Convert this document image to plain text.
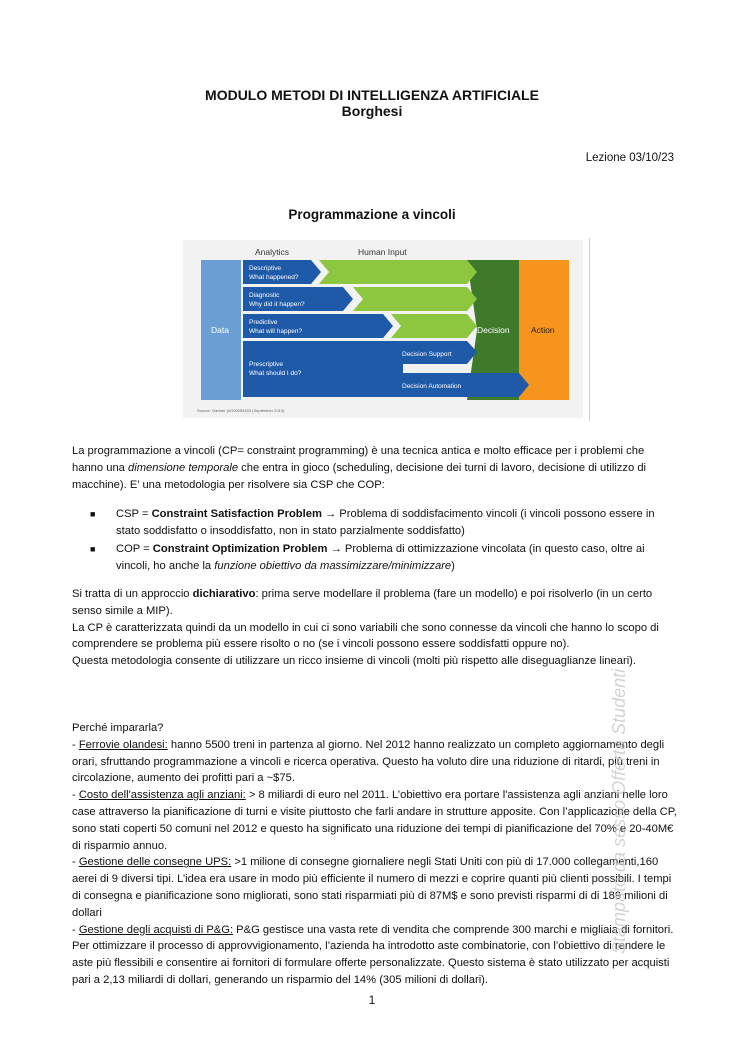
MODULO METODI DI INTELLIGENZA ARTIFICIALE
Borghesi
Lezione 03/10/23
Programmazione a vincoli
Analytics	Human Input
Data	Action
Decision
Descriptive
What happened?
Diagnostic
Why did it happen?
Predictive
What will happen?
Prescriptive
What should I do?
Decision Support
Decision Automation
Source: Gartner (#G00259453 (September 2013)
La programmazione a vincoli (CP= constraint programming) è una tecnica antica e molto efficace per i problemi che hanno una dimensione temporale che entra in gioco (scheduling, decisione dei turni di lavoro, decisione di utilizzo di macchine). E’ una metodologia per risolvere sia CSP che COP:
■ CSP = Constraint Satisfaction Problem → Problema di soddisfacimento vincoli (i vincoli possono essere in stato soddisfatto o insoddisfatto, non in stato parzialmente soddisfatto)
■ COP = Constraint Optimization Problem → Problema di ottimizzazione vincolata (in questo caso, oltre ai vincoli, ho anche la funzione obiettivo da massimizzare/minimizzare)

Si tratta di un approccio dichiarativo: prima serve modellare il problema (fare un modello) e poi risolverlo (in un certo senso simile a MIP).

La CP è caratterizzata quindi da un modello in cui ci sono variabili che sono connesse da vincoli che hanno lo scopo di comprendere se problema più essere risolto o no (se i vincoli possono essere soddisfatti oppure no).

Questa metodologia consente di utilizzare un ricco insieme di vincoli (molti più rispetto alle diseguaglianze lineari).

Perché impararla?

- Ferrovie olandesi: hanno 5500 treni in partenza al giorno. Nel 2012 hanno realizzato un completo aggiornamento degli orari, sfruttando programmazione a vincoli e ricerca operativa. Questo ha voluto dire una riduzione di ritardi, più treni in circolazione, aumento dei profitti pari a ~$75.

- Costo dell'assistenza agli anziani: > 8 miliardi di euro nel 2011. L’obiettivo era portare l'assistenza agli anziani nelle loro case attraverso la pianificazione di turni e visite piuttosto che farli andare in strutture apposite. Con l’applicazione della CP, sono stati coperti 50 comuni nel 2012 e questo ha significato una riduzione dei tempi di pianificazione del 70% e 20-40M€ di risparmio annuo.

- Gestione delle consegne UPS: >1 milione di consegne giornaliere negli Stati Uniti con più di 17.000 collegamenti,160 aerei di 9 diversi tipi. L’idea era usare in modo più efficiente il numero di mezzi e coprire quanti più clienti possibili. I tempi di consegna e pianificazione sono migliorati, sono stati risparmiati più di 87M$ e sono previsti risparmi di di 189 milioni di dollari

- Gestione degli acquisti di P&G: P&G gestisce una vasta rete di vendita che comprende 300 marchi e migliaia di fornitori. Per ottimizzare il processo di approvvigionamento, l’azienda ha introdotto aste combinatorie, con l’obiettivo di rendere le aste più flessibili e consentire ai fornitori di formulare offerte personalizzate. Questo sistema è stato utilizzato per acquisti pari a 2,13 miliardi di dollari, generando un risparmio del 14% (305 milioni di dollari).

Stampato da sesso Offerta Studenti
1
